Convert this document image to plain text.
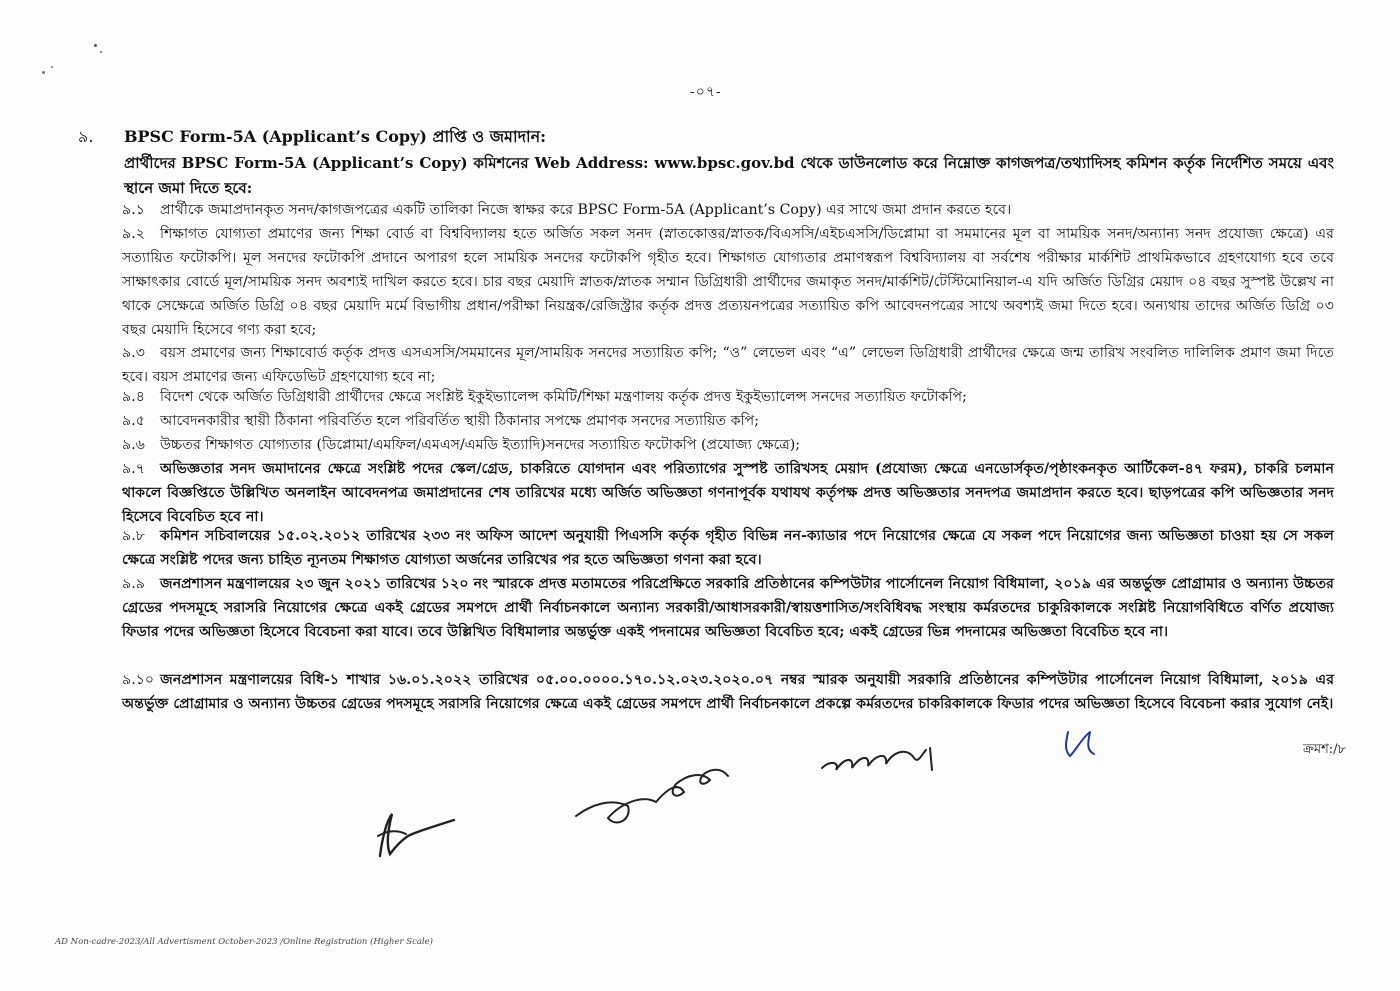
-০৭-
৯. BPSC Form-5A (Applicant’s Copy) প্রাপ্তি ও জমাদান:
প্রার্থীদের BPSC Form-5A (Applicant’s Copy) কমিশনের Web Address: www.bpsc.gov.bd থেকে ডাউনলোড করে নিম্নোক্ত কাগজপত্র/তথ্যাদিসহ কমিশন কর্তৃক নির্দেশিত সময়ে এবং স্থানে জমা দিতে হবে:
৯.১ প্রার্থীকে জমাপ্রদানকৃত সনদ/কাগজপত্রের একটি তালিকা নিজে স্বাক্ষর করে BPSC Form-5A (Applicant’s Copy) এর সাথে জমা প্রদান করতে হবে।
৯.২ শিক্ষাগত যোগ্যতা প্রমাণের জন্য শিক্ষা বোর্ড বা বিশ্ববিদ্যালয় হতে অর্জিত সকল সনদ (স্নাতকোত্তর/স্নাতক/বিএসসি/এইচএসসি/ডিপ্লোমা বা সমমানের মূল বা সাময়িক সনদ/অন্যান্য সনদ প্রযোজ্য ক্ষেত্রে) এর সত্যায়িত ফটোকপি। মূল সনদের ফটোকপি প্রদানে অপারগ হলে সাময়িক সনদের ফটোকপি গৃহীত হবে। শিক্ষাগত যোগ্যতার প্রমাণস্বরূপ বিশ্ববিদ্যালয় বা সর্বশেষ পরীক্ষার মার্কশিট প্রাথমিকভাবে গ্রহণযোগ্য হবে তবে সাক্ষাৎকার বোর্ডে মূল/সাময়িক সনদ অবশ্যই দাখিল করতে হবে। চার বছর মেয়াদি স্নাতক/স্নাতক সম্মান ডিগ্রিধারী প্রার্থীদের জমাকৃত সনদ/মার্কশিট/টেস্টিমোনিয়াল-এ যদি অর্জিত ডিগ্রির মেয়াদ ০৪ বছর সুস্পষ্ট উল্লেখ না থাকে সেক্ষেত্রে অর্জিত ডিগ্রি ০৪ বছর মেয়াদি মর্মে বিভাগীয় প্রধান/পরীক্ষা নিয়ন্ত্রক/রেজিস্ট্রার কর্তৃক প্রদত্ত প্রত্যয়নপত্রের সত্যায়িত কপি আবেদনপত্রের সাথে অবশ্যই জমা দিতে হবে। অন্যথায় তাদের অর্জিত ডিগ্রি ০৩ বছর মেয়াদি হিসেবে গণ্য করা হবে;
৯.৩ বয়স প্রমাণের জন্য শিক্ষাবোর্ড কর্তৃক প্রদত্ত এসএসসি/সমমানের মূল/সাময়িক সনদের সত্যায়িত কপি; “ও” লেভেল এবং “এ” লেভেল ডিগ্রিধারী প্রার্থীদের ক্ষেত্রে জন্ম তারিখ সংবলিত দালিলিক প্রমাণ জমা দিতে হবে। বয়স প্রমাণের জন্য এফিডেভিট গ্রহণযোগ্য হবে না;
৯.৪ বিদেশ থেকে অর্জিত ডিগ্রিধারী প্রার্থীদের ক্ষেত্রে সংশ্লিষ্ট ইকুইভ্যালেন্স কমিটি/শিক্ষা মন্ত্রণালয় কর্তৃক প্রদত্ত ইকুইভ্যালেন্স সনদের সত্যায়িত ফটোকপি;
৯.৫ আবেদনকারীর স্থায়ী ঠিকানা পরিবর্তিত হলে পরিবর্তিত স্থায়ী ঠিকানার সপক্ষে প্রমাণক সনদের সত্যায়িত কপি;
৯.৬ উচ্চতর শিক্ষাগত যোগ্যতার (ডিপ্লোমা/এমফিল/এমএস/এমডি ইত্যাদি)সনদের সত্যায়িত ফটোকপি (প্রযোজ্য ক্ষেত্রে);
৯.৭ অভিজ্ঞতার সনদ জমাদানের ক্ষেত্রে সংশ্লিষ্ট পদের স্কেল/গ্রেড, চাকরিতে যোগদান এবং পরিত্যাগের সুস্পষ্ট তারিখসহ মেয়াদ (প্রযোজ্য ক্ষেত্রে এনডোর্সকৃত/পৃষ্ঠাংকনকৃত আর্টিকেল-৪৭ ফরম), চাকরি চলমান থাকলে বিজ্ঞপ্তিতে উল্লিখিত অনলাইন আবেদনপত্র জমাপ্রদানের শেষ তারিখের মধ্যে অর্জিত অভিজ্ঞতা গণনাপূর্বক যথাযথ কর্তৃপক্ষ প্রদত্ত অভিজ্ঞতার সনদপত্র জমাপ্রদান করতে হবে। ছাড়পত্রের কপি অভিজ্ঞতার সনদ হিসেবে বিবেচিত হবে না।
৯.৮ কমিশন সচিবালয়ের ১৫.০২.২০১২ তারিখের ২৩৩ নং অফিস আদেশ অনুযায়ী পিএসসি কর্তৃক গৃহীত বিভিন্ন নন-ক্যাডার পদে নিয়োগের ক্ষেত্রে যে সকল পদে নিয়োগের জন্য অভিজ্ঞতা চাওয়া হয় সে সকল ক্ষেত্রে সংশ্লিষ্ট পদের জন্য চাহিত ন্যূনতম শিক্ষাগত যোগ্যতা অর্জনের তারিখের পর হতে অভিজ্ঞতা গণনা করা হবে।
৯.৯ জনপ্রশাসন মন্ত্রণালয়ের ২৩ জুন ২০২১ তারিখের ১২০ নং স্মারকে প্রদত্ত মতামতের পরিপ্রেক্ষিতে সরকারি প্রতিষ্ঠানের কম্পিউটার পার্সোনেল নিয়োগ বিধিমালা, ২০১৯ এর অন্তর্ভুক্ত প্রোগ্রামার ও অন্যান্য উচ্চতর গ্রেডের পদসমূহে সরাসরি নিয়োগের ক্ষেত্রে একই গ্রেডের সমপদে প্রার্থী নির্বাচনকালে অন্যান্য সরকারী/আধাসরকারী/স্বায়ত্তশাসিত/সংবিধিবদ্ধ সংস্থায় কর্মরতদের চাকুরিকালকে সংশ্লিষ্ট নিয়োগবিধিতে বর্ণিত প্রযোজ্য ফিডার পদের অভিজ্ঞতা হিসেবে বিবেচনা করা যাবে। তবে উল্লিখিত বিধিমালার অন্তর্ভুক্ত একই পদনামের অভিজ্ঞতা বিবেচিত হবে; একই গ্রেডের ভিন্ন পদনামের অভিজ্ঞতা বিবেচিত হবে না।
৯.১০ জনপ্রশাসন মন্ত্রণালয়ের বিধি-১ শাখার ১৬.০১.২০২২ তারিখের ০৫.০০.০০০০.১৭০.১২.০২৩.২০২০.০৭ নম্বর স্মারক অনুযায়ী সরকারি প্রতিষ্ঠানের কম্পিউটার পার্সোনেল নিয়োগ বিধিমালা, ২০১৯ এর অন্তর্ভুক্ত প্রোগ্রামার ও অন্যান্য উচ্চতর গ্রেডের পদসমূহে সরাসরি নিয়োগের ক্ষেত্রে একই গ্রেডের সমপদে প্রার্থী নির্বাচনকালে প্রকল্পে কর্মরতদের চাকরিকালকে ফিডার পদের অভিজ্ঞতা হিসেবে বিবেচনা করার সুযোগ নেই।
ক্রমশ:/৮
AD Non-cadre-2023/All Advertisment October-2023 /Online Registration (Higher Scale)
